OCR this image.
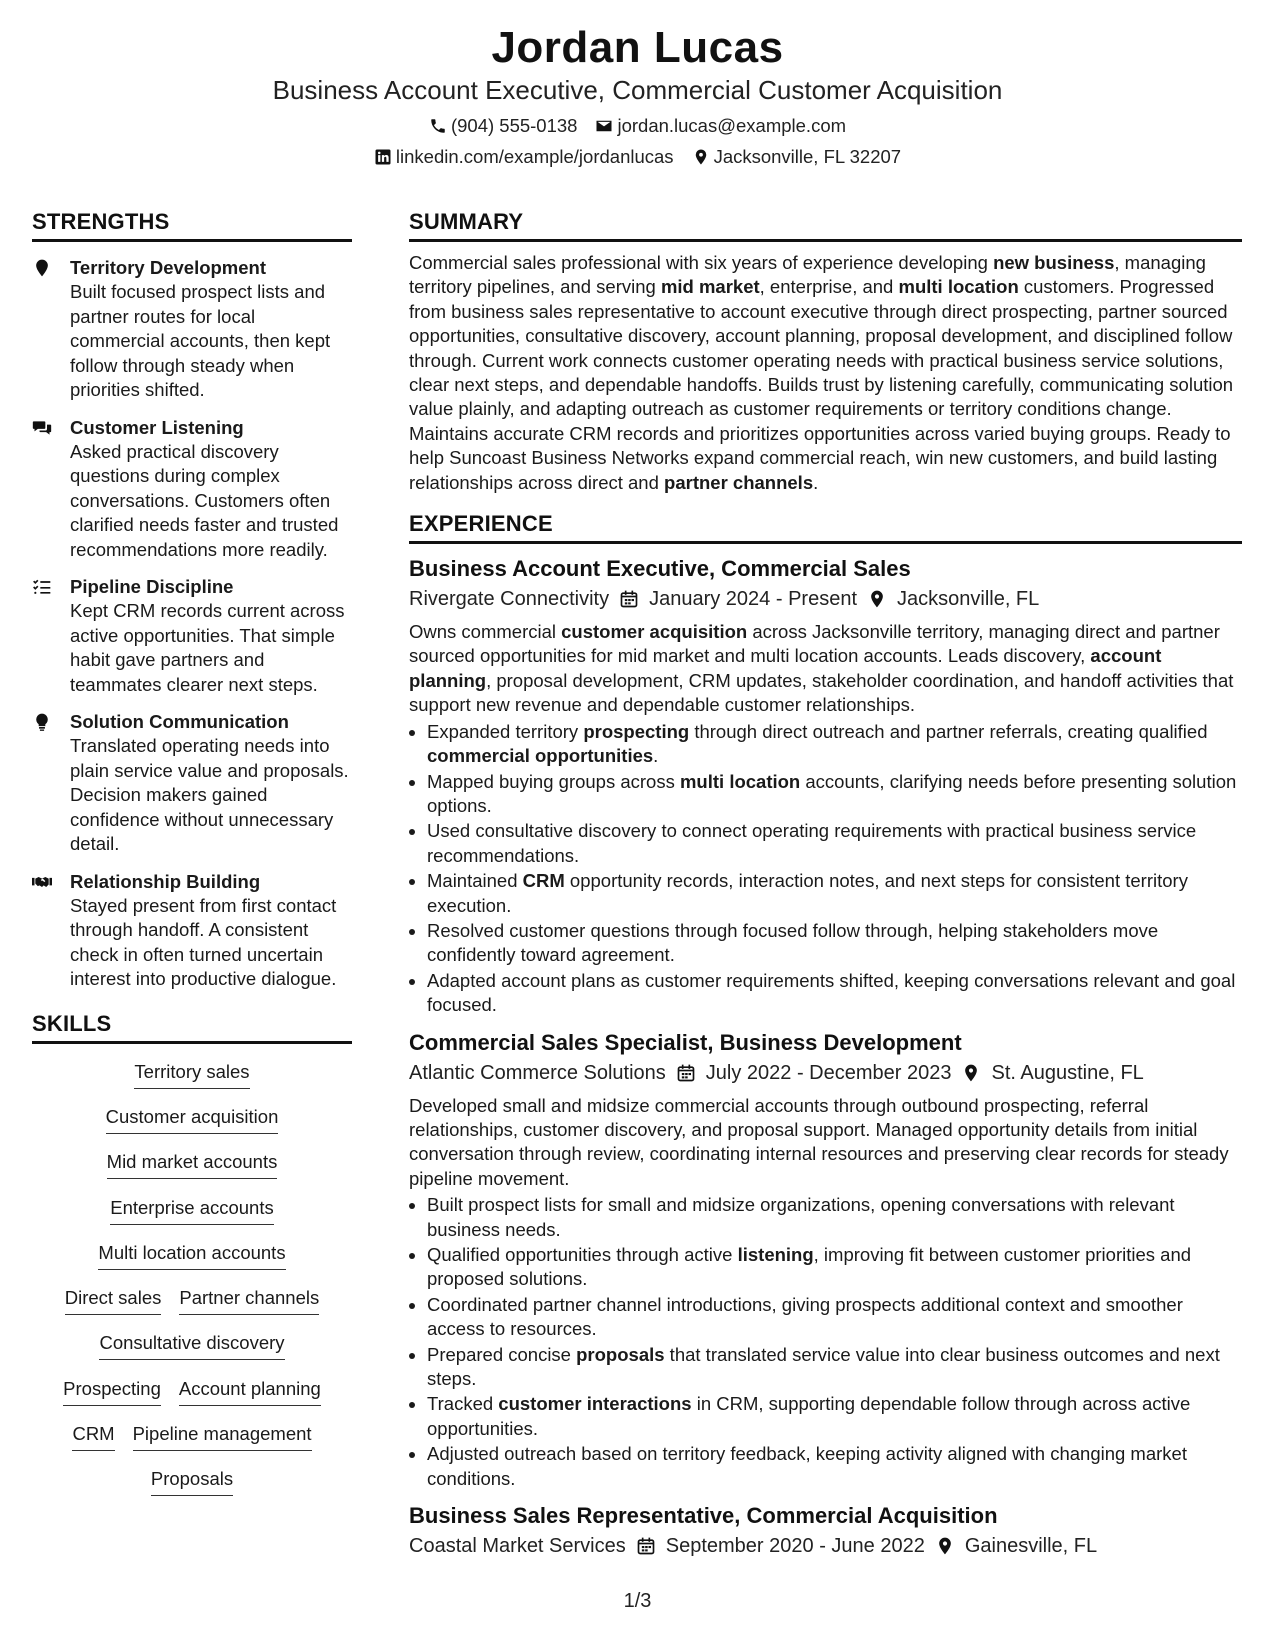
Jordan Lucas
Business Account Executive, Commercial Customer Acquisition
(904) 555-0138 jordan.lucas@example.com
linkedin.com/example/jordanlucas Jacksonville, FL 32207
STRENGTHS
Territory Development
Built focused prospect lists and partner routes for local commercial accounts, then kept follow through steady when priorities shifted.
Customer Listening
Asked practical discovery questions during complex conversations. Customers often clarified needs faster and trusted recommendations more readily.
Pipeline Discipline
Kept CRM records current across active opportunities. That simple habit gave partners and teammates clearer next steps.
Solution Communication
Translated operating needs into plain service value and proposals. Decision makers gained confidence without unnecessary detail.
Relationship Building
Stayed present from first contact through handoff. A consistent check in often turned uncertain interest into productive dialogue.
SKILLS
Territory sales
Customer acquisition
Mid market accounts
Enterprise accounts
Multi location accounts
Direct sales Partner channels
Consultative discovery
Prospecting Account planning
CRM Pipeline management
Proposals
SUMMARY
Commercial sales professional with six years of experience developing new business, managing territory pipelines, and serving mid market, enterprise, and multi location customers. Progressed from business sales representative to account executive through direct prospecting, partner sourced opportunities, consultative discovery, account planning, proposal development, and disciplined follow through. Current work connects customer operating needs with practical business service solutions, clear next steps, and dependable handoffs. Builds trust by listening carefully, communicating solution value plainly, and adapting outreach as customer requirements or territory conditions change. Maintains accurate CRM records and prioritizes opportunities across varied buying groups. Ready to help Suncoast Business Networks expand commercial reach, win new customers, and build lasting relationships across direct and partner channels.
EXPERIENCE
Business Account Executive, Commercial Sales
Rivergate Connectivity January 2024 - Present Jacksonville, FL
Owns commercial customer acquisition across Jacksonville territory, managing direct and partner sourced opportunities for mid market and multi location accounts. Leads discovery, account planning, proposal development, CRM updates, stakeholder coordination, and handoff activities that support new revenue and dependable customer relationships.
• Expanded territory prospecting through direct outreach and partner referrals, creating qualified commercial opportunities.
• Mapped buying groups across multi location accounts, clarifying needs before presenting solution options.
• Used consultative discovery to connect operating requirements with practical business service recommendations.
• Maintained CRM opportunity records, interaction notes, and next steps for consistent territory execution.
• Resolved customer questions through focused follow through, helping stakeholders move confidently toward agreement.
• Adapted account plans as customer requirements shifted, keeping conversations relevant and goal focused.
Commercial Sales Specialist, Business Development
Atlantic Commerce Solutions July 2022 - December 2023 St. Augustine, FL
Developed small and midsize commercial accounts through outbound prospecting, referral relationships, customer discovery, and proposal support. Managed opportunity details from initial conversation through review, coordinating internal resources and preserving clear records for steady pipeline movement.
• Built prospect lists for small and midsize organizations, opening conversations with relevant business needs.
• Qualified opportunities through active listening, improving fit between customer priorities and proposed solutions.
• Coordinated partner channel introductions, giving prospects additional context and smoother access to resources.
• Prepared concise proposals that translated service value into clear business outcomes and next steps.
• Tracked customer interactions in CRM, supporting dependable follow through across active opportunities.
• Adjusted outreach based on territory feedback, keeping activity aligned with changing market conditions.
Business Sales Representative, Commercial Acquisition
Coastal Market Services September 2020 - June 2022 Gainesville, FL
1/3
